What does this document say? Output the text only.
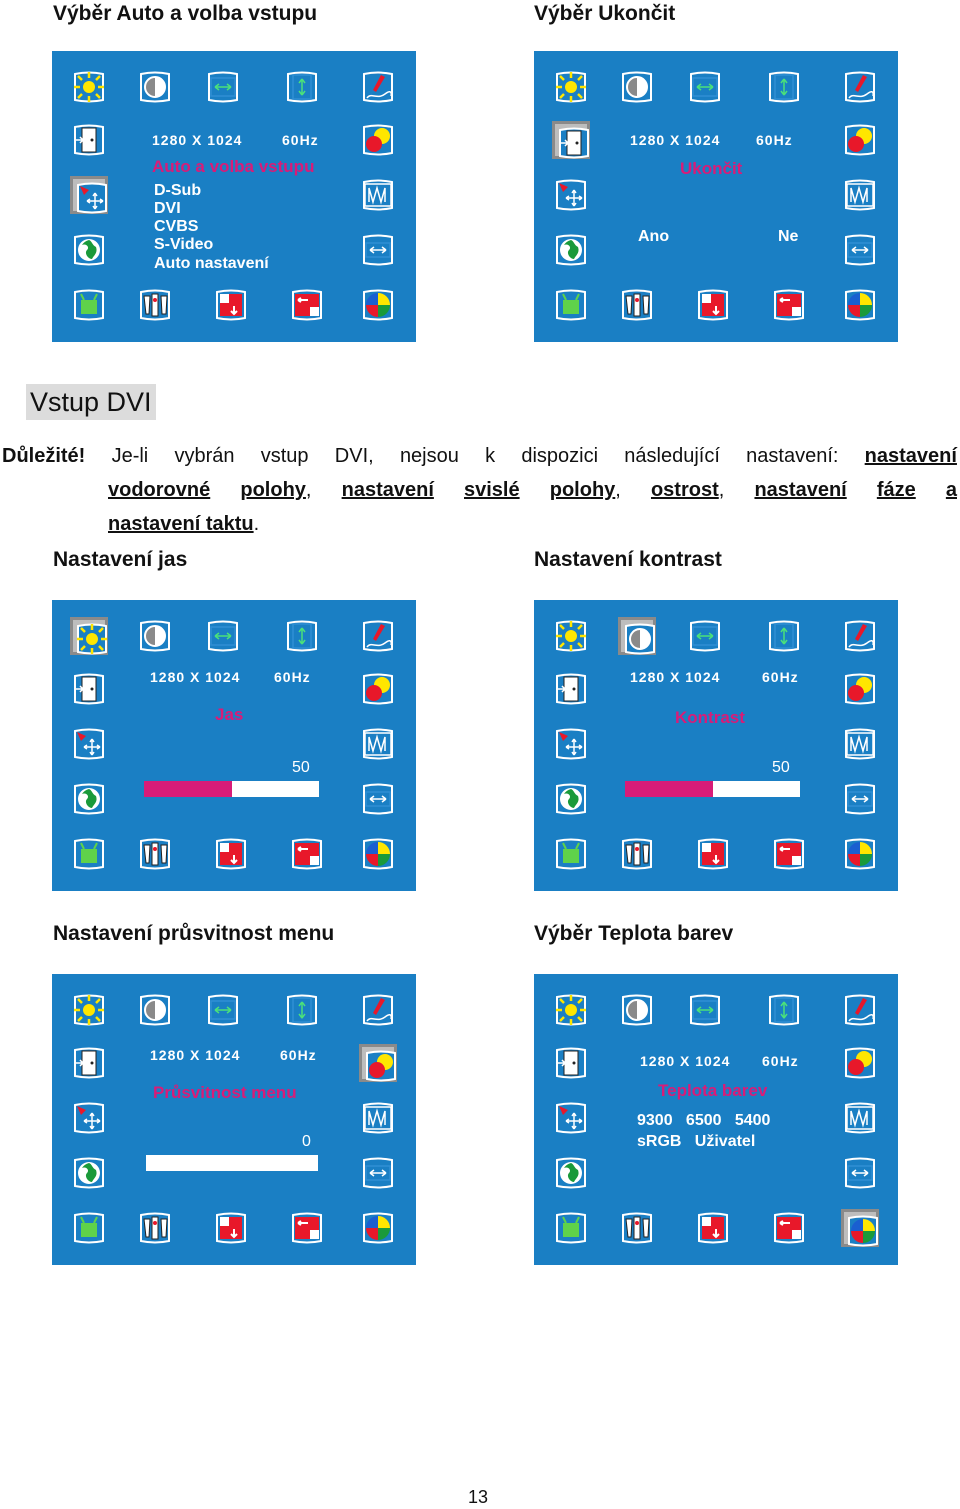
Výběr Auto a volba vstupu	Výběr Ukončit
1280 X 1024	60Hz
Auto a volba vstupu
D-Sub
DVI
CVBS
S-Video
Auto nastavení
1280 X 1024	60Hz
Ukončit
Ano	Ne
Vstup DVI
Důležité! Je-li vybrán vstup DVI, nejsou k dispozici následující nastavení: nastavení
vodorovné polohy, nastavení svislé polohy, ostrost, nastavení fáze a
nastavení taktu.
Nastavení jas	Nastavení kontrast
1280 X 1024 60Hz
Jas
50
1280 X 1024	60Hz
Kontrast
50
Nastavení průsvitnost menu	Výběr Teplota barev
1280 X 1024	60Hz
Průsvitnost menu
0
1280 X 1024 60Hz
Teplota barev
9300   6500   5400
sRGB   Uživatel
13
